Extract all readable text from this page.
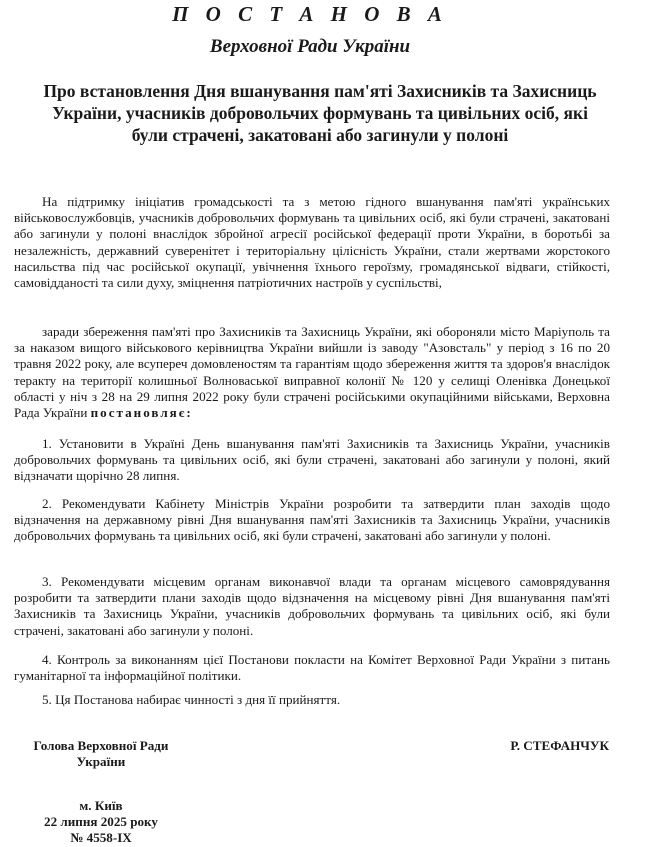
П О С Т А Н О В А
Верховної Ради України
Про встановлення Дня вшанування пам'яті Захисників та Захисниць України, учасників добровольчих формувань та цивільних осіб, які були страчені, закатовані або загинули у полоні

На підтримку ініціатив громадськості та з метою гідного вшанування пам'яті українських військовослужбовців, учасників добровольчих формувань та цивільних осіб, які були страчені, закатовані або загинули у полоні внаслідок збройної агресії російської федерації проти України, в боротьбі за незалежність, державний суверенітет і територіальну цілісність України, стали жертвами жорстокого насильства під час російської окупації, увічнення їхнього героїзму, громадянської відваги, стійкості, самовідданості та сили духу, зміцнення патріотичних настроїв у суспільстві,

заради збереження пам'яті про Захисників та Захисниць України, які обороняли місто Маріуполь та за наказом вищого військового керівництва України вийшли із заводу "Азовсталь" у період з 16 по 20 травня 2022 року, але всупереч домовленостям та гарантіям щодо збереження життя та здоров'я внаслідок теракту на території колишньої Волноваської виправної колонії № 120 у селищі Оленівка Донецької області у ніч з 28 на 29 липня 2022 року були страчені російськими окупаційними військами, Верховна Рада України постановляє:

1. Установити в Україні День вшанування пам'яті Захисників та Захисниць України, учасників добровольчих формувань та цивільних осіб, які були страчені, закатовані або загинули у полоні, який відзначати щорічно 28 липня.

2. Рекомендувати Кабінету Міністрів України розробити та затвердити план заходів щодо відзначення на державному рівні Дня вшанування пам'яті Захисників та Захисниць України, учасників добровольчих формувань та цивільних осіб, які були страчені, закатовані або загинули у полоні.

3. Рекомендувати місцевим органам виконавчої влади та органам місцевого самоврядування розробити та затвердити плани заходів щодо відзначення на місцевому рівні Дня вшанування пам'яті Захисників та Захисниць України, учасників добровольчих формувань та цивільних осіб, які були страчені, закатовані або загинули у полоні.

4. Контроль за виконанням цієї Постанови покласти на Комітет Верховної Ради України з питань гуманітарної та інформаційної політики.

5. Ця Постанова набирає чинності з дня її прийняття.

Голова Верховної Ради
України
Р. СТЕФАНЧУК
м. Київ
22 липня 2025 року
№ 4558-IX
